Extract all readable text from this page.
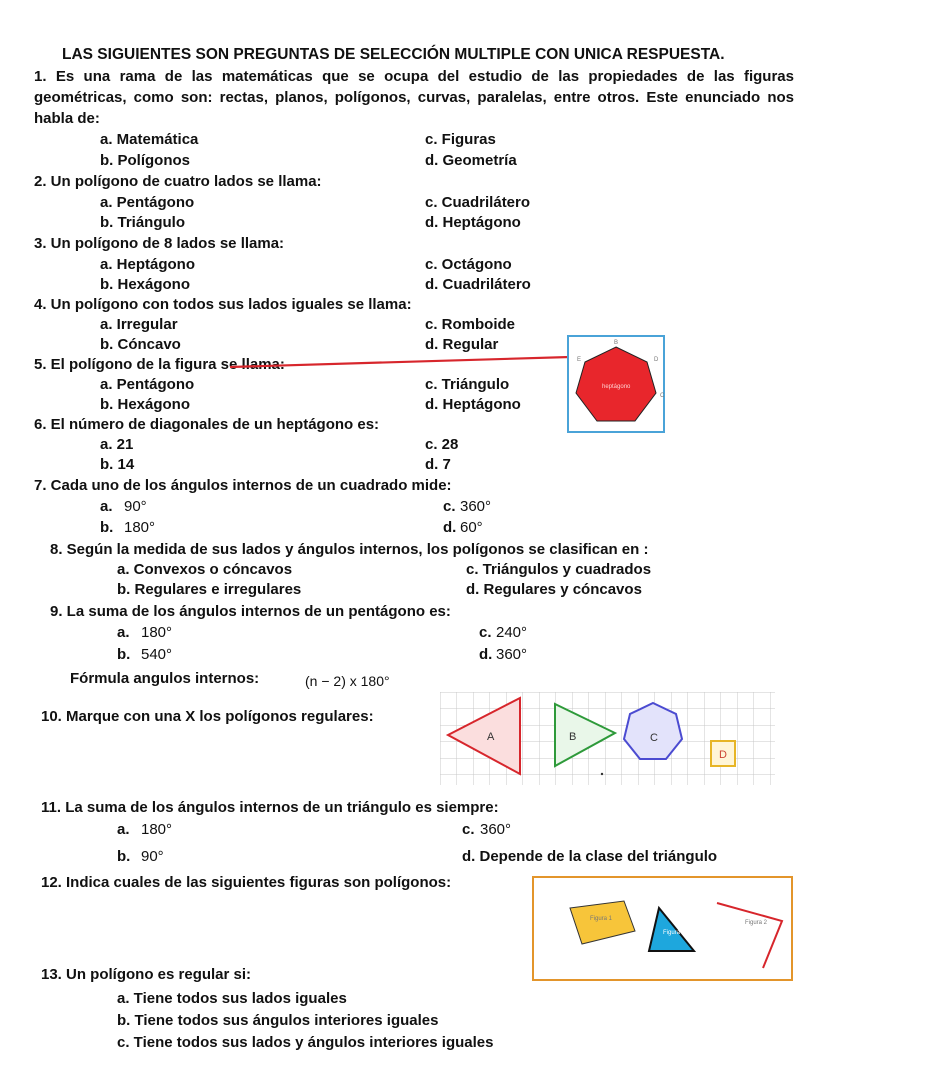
LAS SIGUIENTES SON PREGUNTAS DE SELECCIÓN MULTIPLE CON UNICA RESPUESTA.
1. Es una rama de las matemáticas que se ocupa del estudio de las propiedades de las figuras geométricas, como son: rectas, planos, polígonos, curvas, paralelas, entre otros. Este enunciado nos habla de:
a. Matemática
b. Polígonos
c. Figuras
d. Geometría
2. Un polígono de cuatro lados se llama:
a. Pentágono
b. Triángulo
c. Cuadrilátero
d. Heptágono
3. Un polígono de 8 lados se llama:
a. Heptágono
b. Hexágono
c. Octágono
d. Cuadrilátero
4. Un polígono con todos sus lados iguales se llama:
a. Irregular
b. Cóncavo
c. Romboide
d. Regular
5. El polígono de la figura se llama:
a. Pentágono
b. Hexágono
c. Triángulo
d. Heptágono
B
E	D
C
heptágono
6. El número de diagonales de un heptágono es:
a. 21
b. 14
c. 28
d. 7
7. Cada uno de los ángulos internos de un cuadrado mide:
a. 90°
b. 180°
c. 360°
d. 60°
8. Según la medida de sus lados y ángulos internos, los polígonos se clasifican en :
a. Convexos o cóncavos
b. Regulares e irregulares
c. Triángulos y cuadrados
d. Regulares y cóncavos
9. La suma de los ángulos internos de un pentágono es:
a. 180°
b. 540°
c. 240°
d. 360°
Fórmula angulos internos:	(n − 2) x 180°
10. Marque con una X los polígonos regulares:
A	B	C
D
11. La suma de los ángulos internos de un triángulo es siempre:
a. 180°
b. 90°
c. 360°
d. Depende de la clase del triángulo
12. Indica cuales de las siguientes figuras son polígonos:
Figura 1
Figura 3
Figura 2
13. Un polígono es regular si:
a. Tiene todos sus lados iguales
b. Tiene todos sus ángulos interiores iguales
c. Tiene todos sus lados y ángulos interiores iguales
